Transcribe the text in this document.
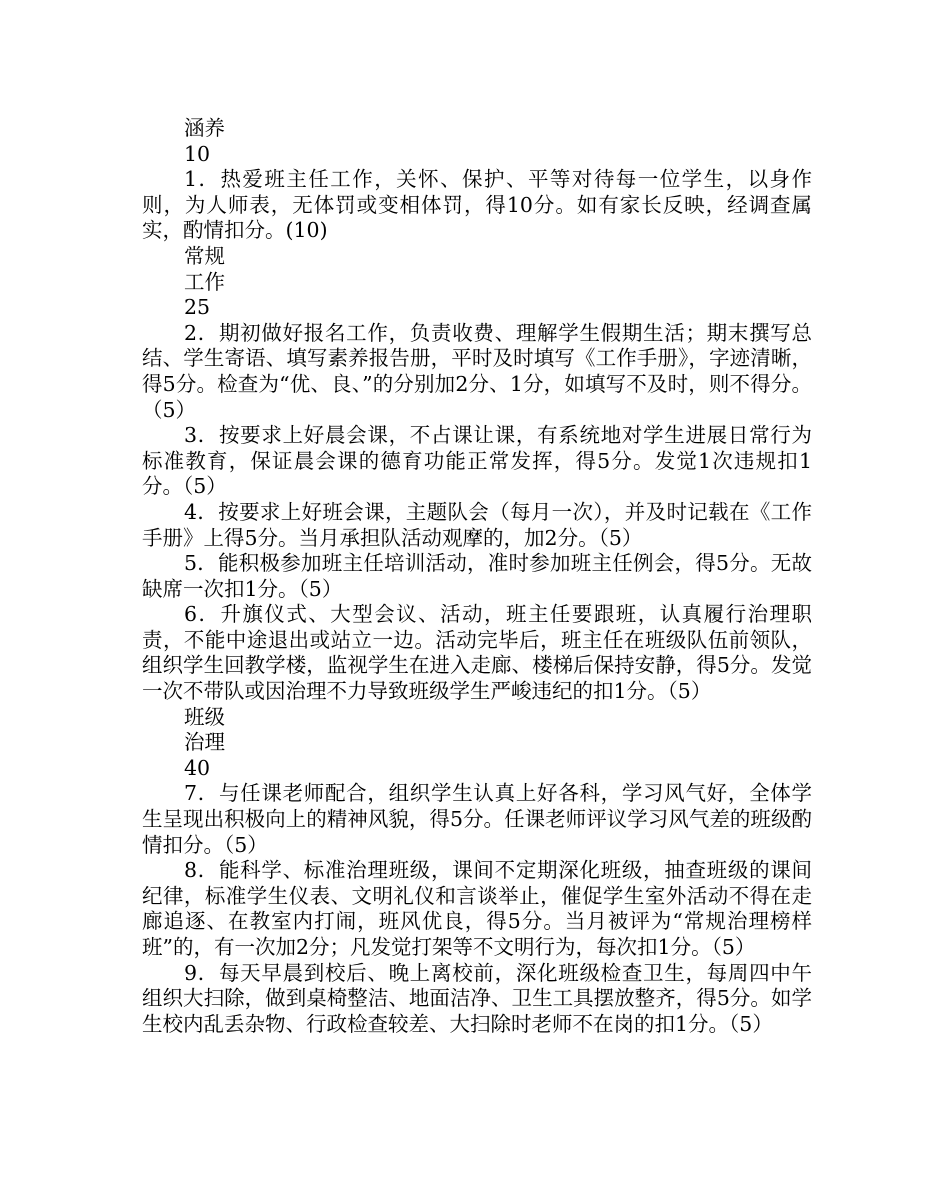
涵养

10

1．热爱班主任工作，关怀、保护、平等对待每一位学生，以身作则，为人师表，无体罚或变相体罚，得10分。如有家长反映，经调查属实，酌情扣分。(10)

常规

工作

25

2．期初做好报名工作，负责收费、理解学生假期生活；期末撰写总结、学生寄语、填写素养报告册，平时及时填写《工作手册》，字迹清晰，得5分。检查为“优、良、”的分别加2分、1分，如填写不及时，则不得分。（5）

3．按要求上好晨会课，不占课让课，有系统地对学生进展日常行为标准教育，保证晨会课的德育功能正常发挥，得5分。发觉1次违规扣1分。（5）

4．按要求上好班会课，主题队会（每月一次），并及时记载在《工作手册》上得5分。当月承担队活动观摩的，加2分。（5）

5．能积极参加班主任培训活动，准时参加班主任例会，得5分。无故缺席一次扣1分。（5）

6．升旗仪式、大型会议、活动，班主任要跟班，认真履行治理职责，不能中途退出或站立一边。活动完毕后，班主任在班级队伍前领队，组织学生回教学楼，监视学生在进入走廊、楼梯后保持安静，得5分。发觉一次不带队或因治理不力导致班级学生严峻违纪的扣1分。（5）

班级

治理

40

7．与任课老师配合，组织学生认真上好各科，学习风气好，全体学生呈现出积极向上的精神风貌，得5分。任课老师评议学习风气差的班级酌情扣分。（5）

8．能科学、标准治理班级，课间不定期深化班级，抽查班级的课间纪律，标准学生仪表、文明礼仪和言谈举止，催促学生室外活动不得在走廊追逐、在教室内打闹，班风优良，得5分。当月被评为“常规治理榜样班”的，有一次加2分；凡发觉打架等不文明行为，每次扣1分。（5）

9．每天早晨到校后、晚上离校前，深化班级检查卫生，每周四中午组织大扫除，做到桌椅整洁、地面洁净、卫生工具摆放整齐，得5分。如学生校内乱丢杂物、行政检查较差、大扫除时老师不在岗的扣1分。（5）
